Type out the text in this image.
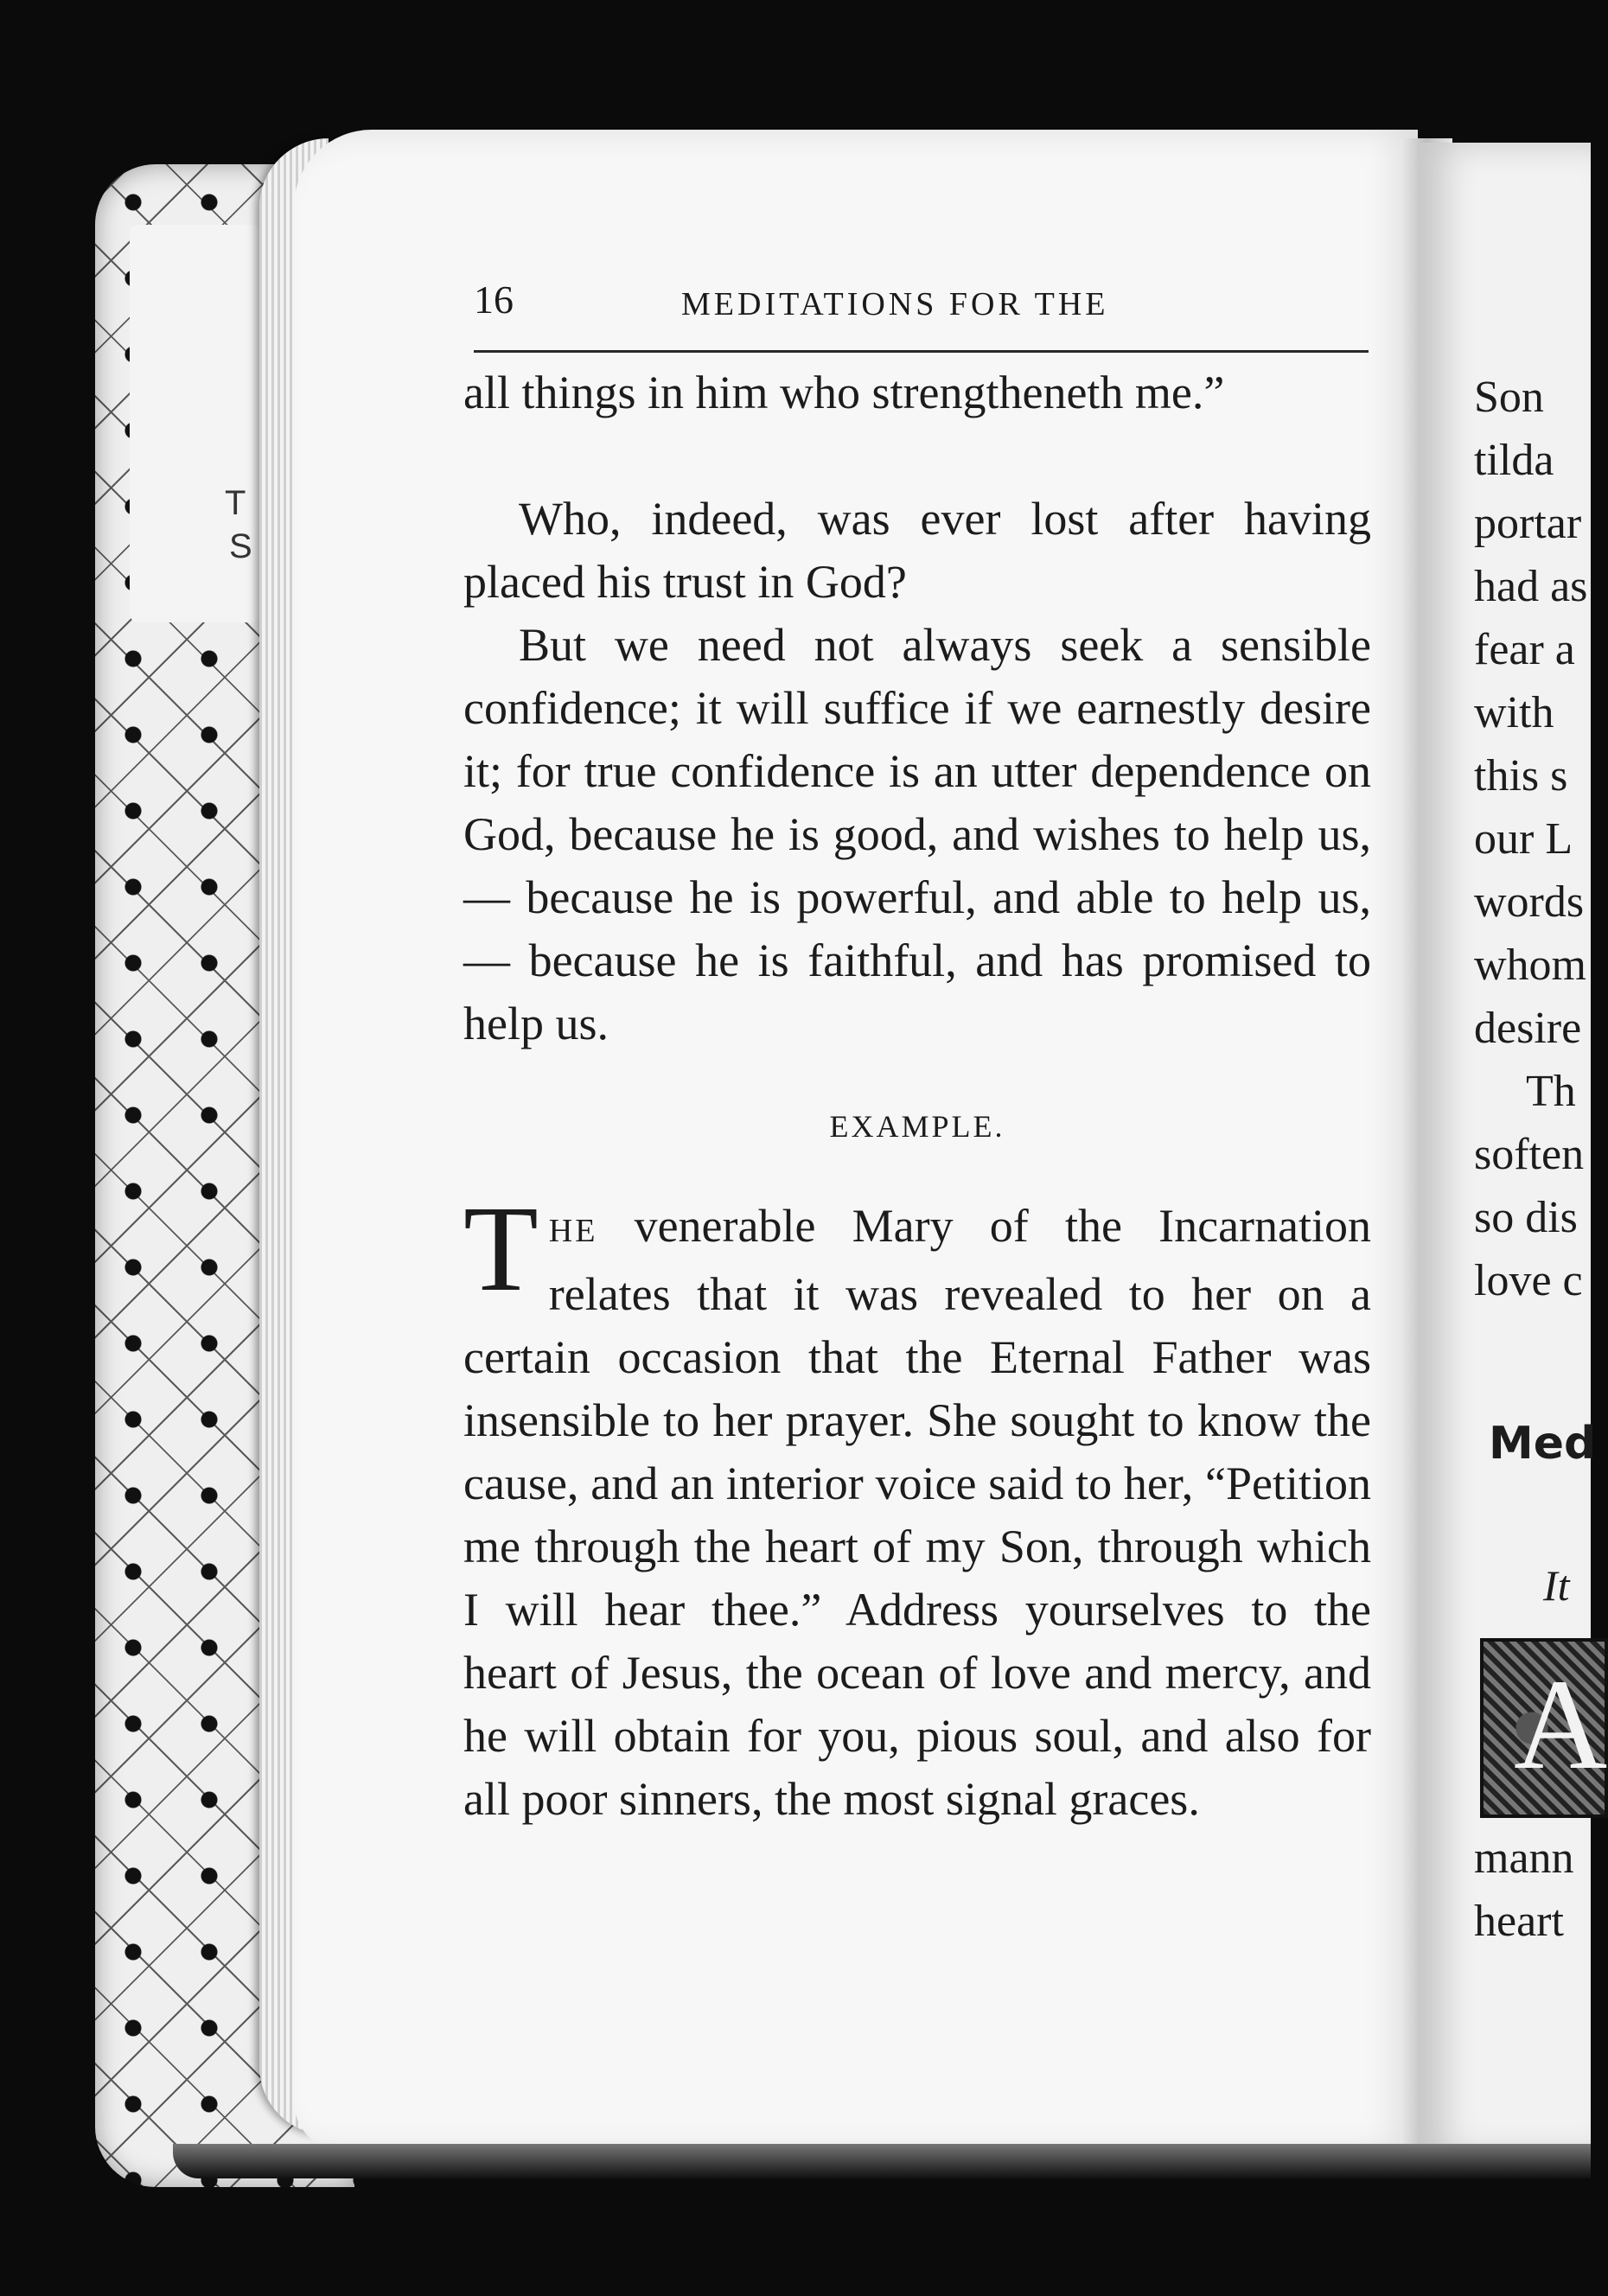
T
S
16	MEDITATIONS FOR THE

all things in him who strengtheneth me.”

Who, indeed, was ever lost after having placed his trust in God?

But we need not always seek a sensible confidence; it will suffice if we earnestly desire it; for true confidence is an utter dependence on God, because he is good, and wishes to help us, — because he is powerful, and able to help us, — because he is faithful, and has promised to help us.

EXAMPLE.

THE venerable Mary of the Incarnation relates that it was revealed to her on a certain occasion that the Eternal Father was insensible to her prayer. She sought to know the cause, and an interior voice said to her, “Petition me through the heart of my Son, through which I will hear thee.” Address yourselves to the heart of Jesus, the ocean of love and mercy, and he will obtain for you, pious soul, and also for all poor sinners, the most signal graces.

Son
tilda
portar
had as
fear a
with
this s
our L
words
whom
desire
Th
soften
so dis
love c
Med
It
A
mann
heart
